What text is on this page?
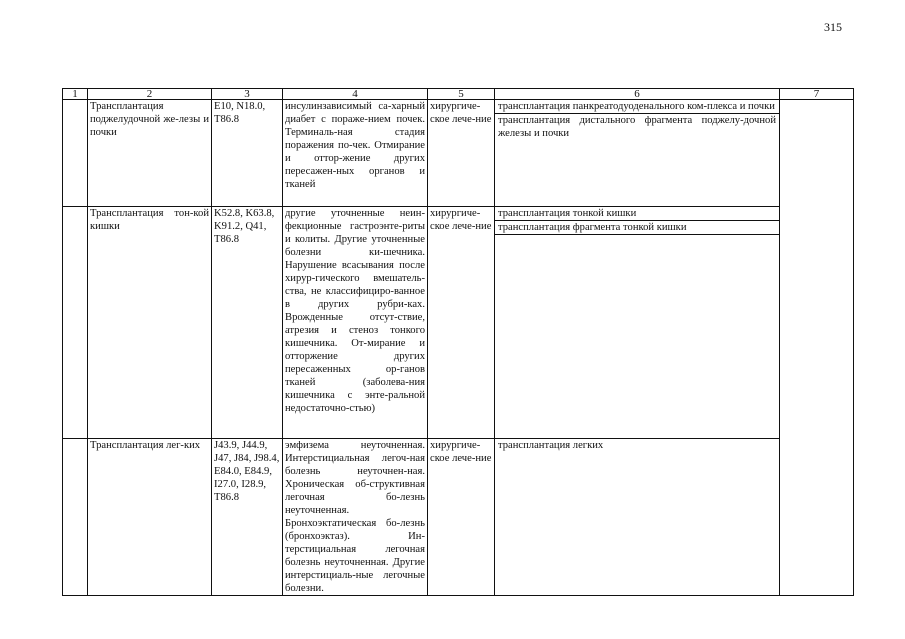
315
1	2	3	4	5	6	7
	Трансплантация поджелудочной же-лезы и почки	E10, N18.0, T86.8	инсулинзависимый са-харный диабет с пораже-нием почек. Терминаль-ная стадия поражения по-чек. Отмирание и оттор-жение других пересажен-ных органов и тканей	хирургиче-ское лече-ние	трансплантация панкреатодуоденального ком-плекса и почки
трансплантация дистального фрагмента поджелу-дочной железы и почки	

	Трансплантация тон-кой кишки	K52.8, K63.8, K91.2, Q41, T86.8	другие уточненные неин-фекционные гастроэнте-риты и колиты. Другие уточненные болезни ки-шечника. Нарушение всасывания после хирур-гического вмешатель-ства, не классифициро-ванное в других рубри-ках. Врожденные отсут-ствие, атрезия и стеноз тонкого кишечника. От-мирание и отторжение других пересаженных ор-ганов тканей (заболева-ния кишечника с энте-ральной недостаточно-стью)	хирургиче-ское лече-ние	трансплантация тонкой кишки
трансплантация фрагмента тонкой кишки	

	Трансплантация лег-ких	J43.9, J44.9, J47, J84, J98.4, E84.0, E84.9, I27.0, I28.9, T86.8	эмфизема неуточненная. Интерстициальная легоч-ная болезнь неуточнен-ная. Хроническая об-структивная легочная бо-лезнь неуточненная. Бронхоэктатическая бо-лезнь (бронхоэктаз). Ин-терстициальная легочная болезнь неуточненная. Другие интерстициаль-ные легочные болезни.	хирургиче-ское лече-ние	трансплантация легких	
